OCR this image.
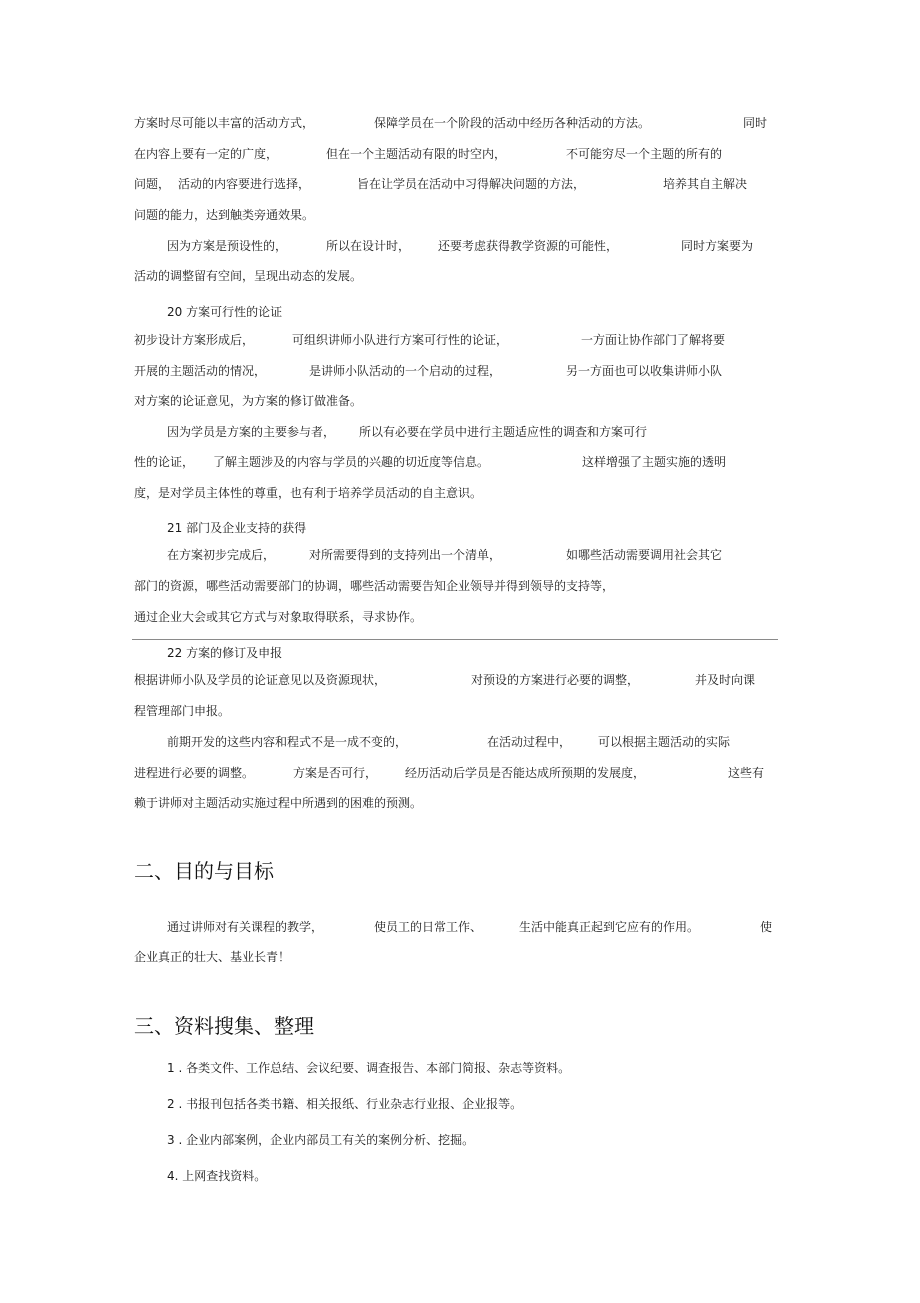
方案时尽可能以丰富的活动方式，	保障学员在一个阶段的活动中经历各种活动的方法。	同时
在内容上要有一定的广度，	但在一个主题活动有限的时空内，	不可能穷尽一个主题的所有的
问题， 活动的内容要进行选择，	旨在让学员在活动中习得解决问题的方法，	培养其自主解决
问题的能力，达到触类旁通效果。
因为方案是预设性的，	所以在设计时， 还要考虑获得教学资源的可能性，	同时方案要为
活动的调整留有空间，呈现出动态的发展。
20 方案可行性的论证
初步设计方案形成后，	可组织讲师小队进行方案可行性的论证，	一方面让协作部门了解将要
开展的主题活动的情况，	是讲师小队活动的一个启动的过程，	另一方面也可以收集讲师小队
对方案的论证意见，为方案的修订做准备。
因为学员是方案的主要参与者， 所以有必要在学员中进行主题适应性的调查和方案可行
性的论证， 了解主题涉及的内容与学员的兴趣的切近度等信息。	这样增强了主题实施的透明
度，是对学员主体性的尊重，也有利于培养学员活动的自主意识。
21 部门及企业支持的获得
在方案初步完成后，	对所需要得到的支持列出一个清单，	如哪些活动需要调用社会其它
部门的资源，哪些活动需要部门的协调，哪些活动需要告知企业领导并得到领导的支持等，
通过企业大会或其它方式与对象取得联系，寻求协作。
22 方案的修订及申报
根据讲师小队及学员的论证意见以及资源现状，	对预设的方案进行必要的调整，	并及时向课
程管理部门申报。
前期开发的这些内容和程式不是一成不变的，	在活动过程中， 可以根据主题活动的实际
进程进行必要的调整。	方案是否可行， 经历活动后学员是否能达成所预期的发展度，	这些有
赖于讲师对主题活动实施过程中所遇到的困难的预测。
二、目的与目标
通过讲师对有关课程的教学，	使员工的日常工作、	生活中能真正起到它应有的作用。	使
企业真正的壮大、基业长青！
三、资料搜集、整理
1 . 各类文件、工作总结、会议纪要、调查报告、本部门简报、杂志等资料。
2 . 书报刊包括各类书籍、相关报纸、行业杂志行业报、企业报等。
3 . 企业内部案例，企业内部员工有关的案例分析、挖掘。
4. 上网查找资料。
